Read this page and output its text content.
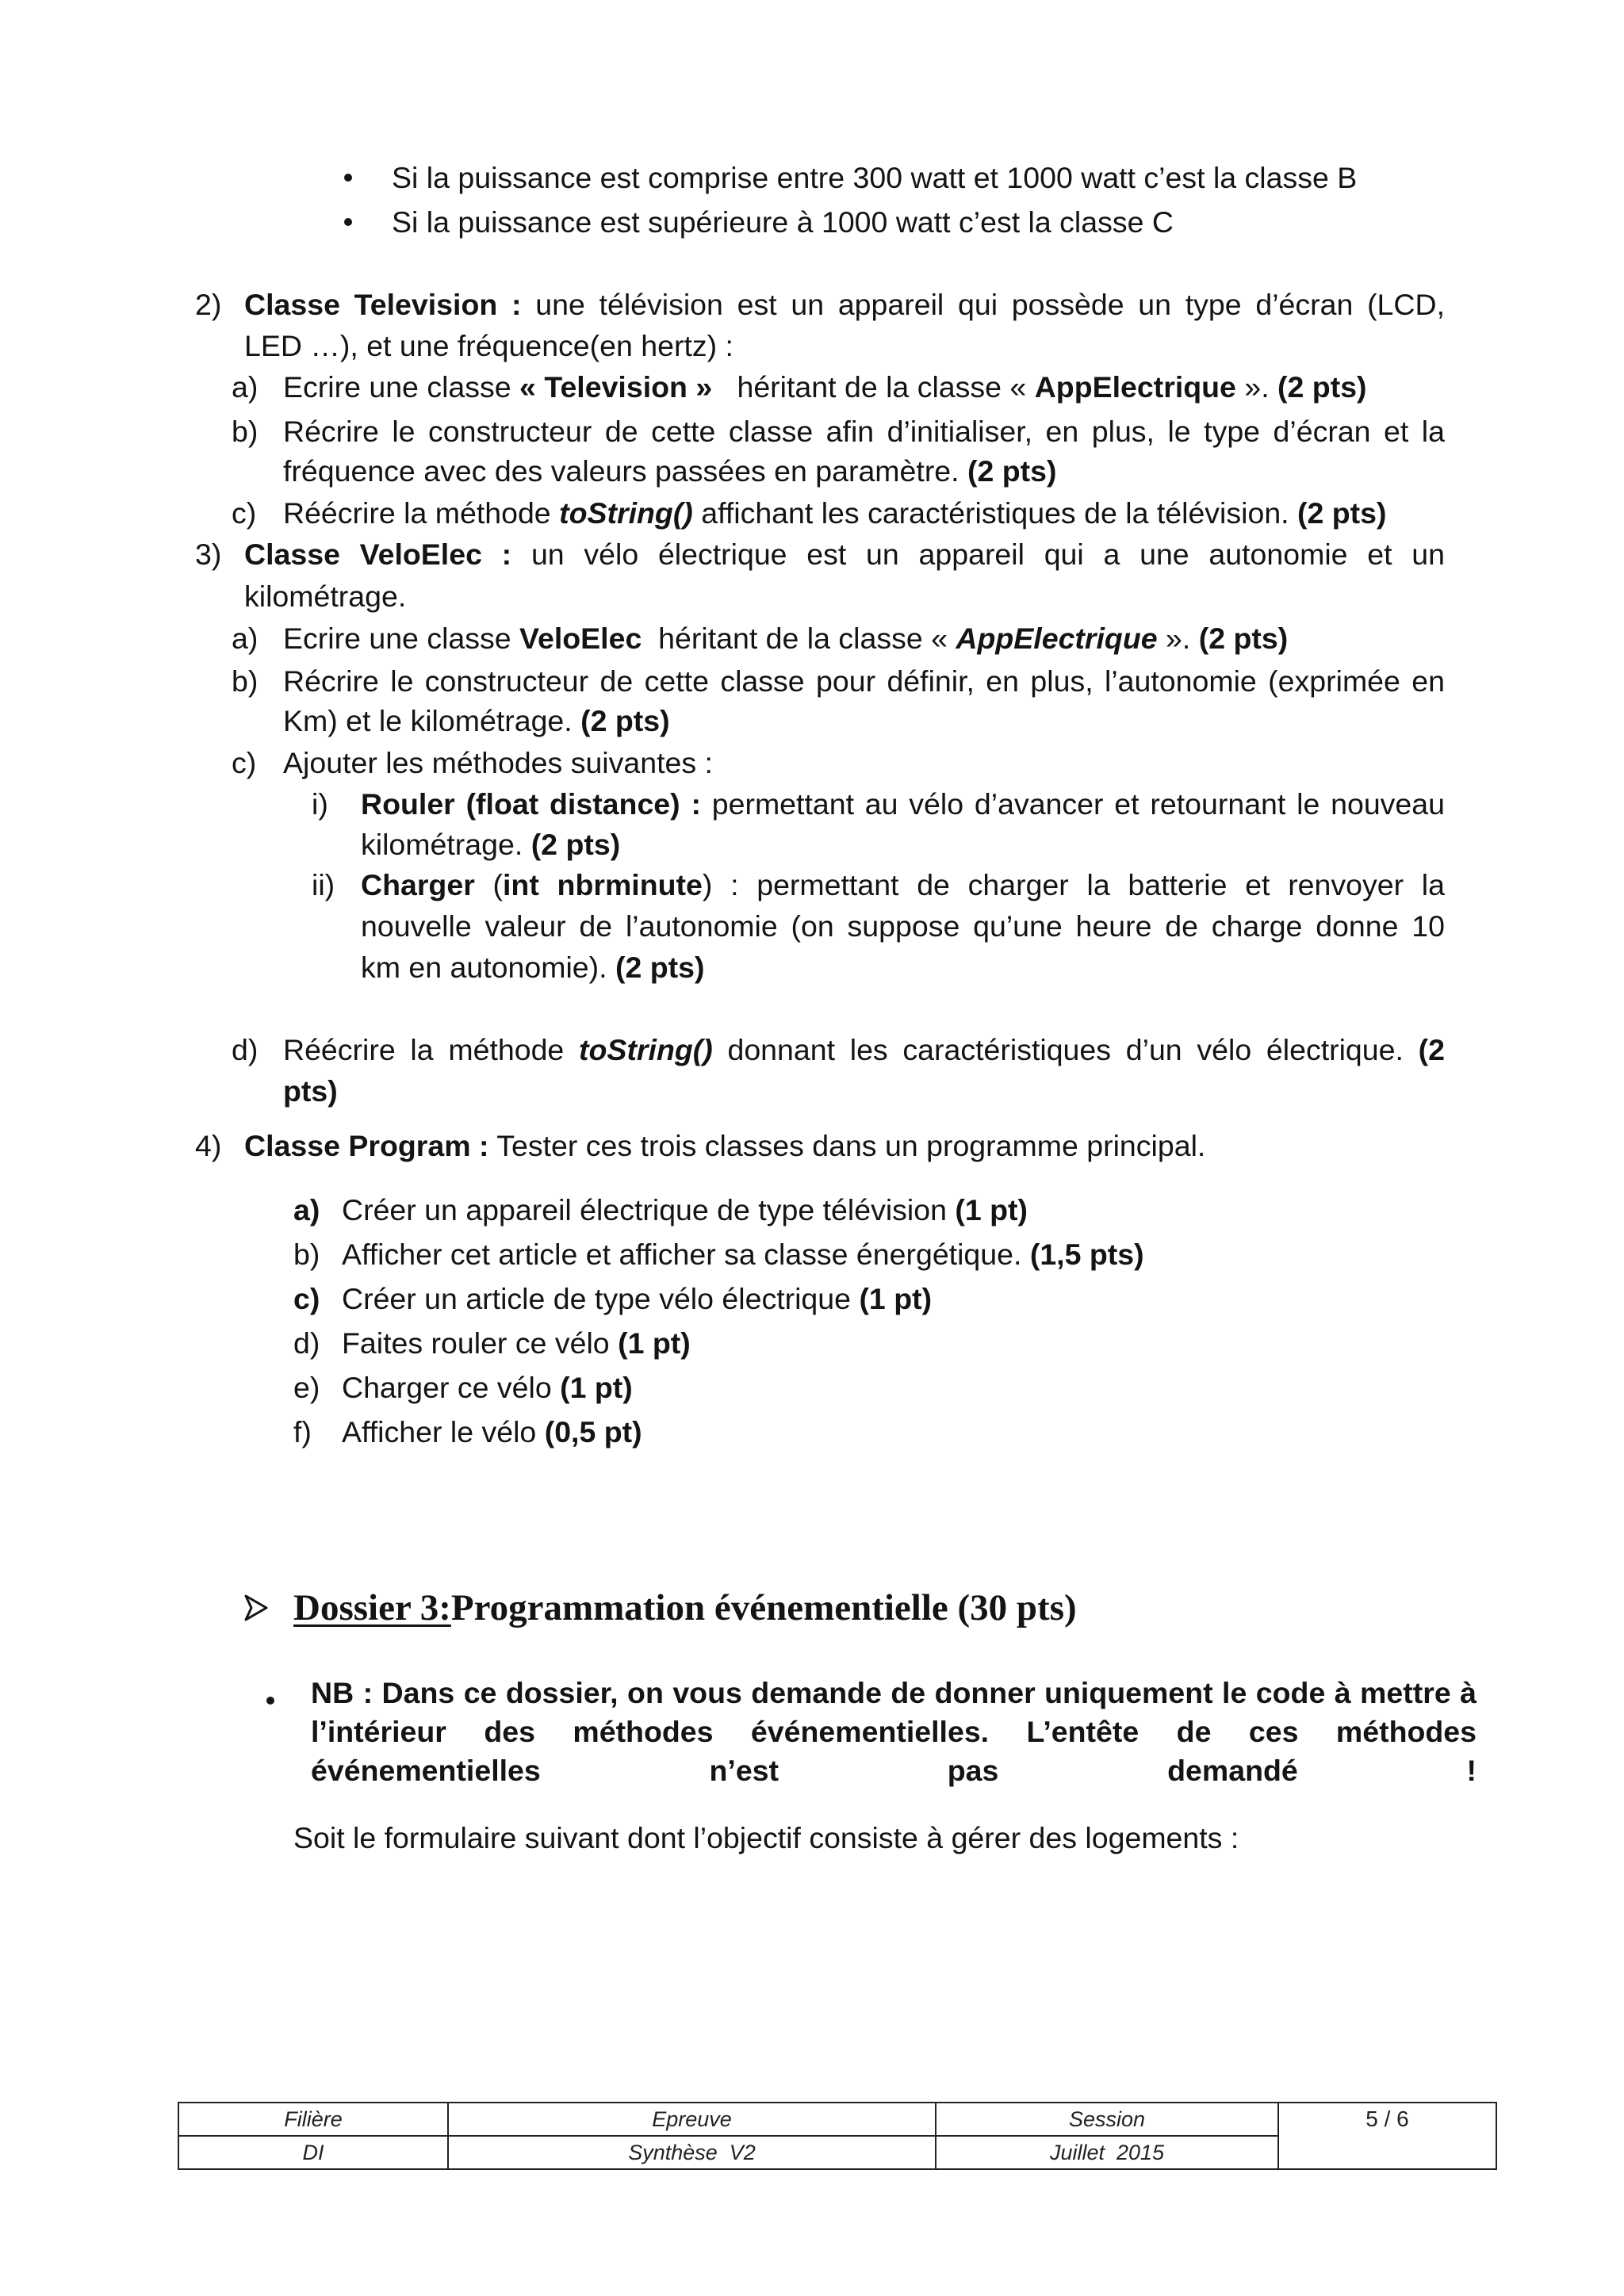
Si la puissance est comprise entre 300 watt et 1000 watt c’est la classe B
Si la puissance est supérieure à 1000 watt c’est la classe C
2) Classe Television : une télévision est un appareil qui possède un type d’écran (LCD,
LED …), et une fréquence(en hertz) :
a) Ecrire une classe « Television »   héritant de la classe « AppElectrique ». (2 pts)
b) Récrire le constructeur de cette classe afin d’initialiser, en plus, le type d’écran et la
fréquence avec des valeurs passées en paramètre. (2 pts)
c) Réécrire la méthode toString() affichant les caractéristiques de la télévision. (2 pts)
3) Classe VeloElec : un vélo électrique est un appareil qui a une autonomie et un
kilométrage.
a) Ecrire une classe VeloElec  héritant de la classe « AppElectrique ». (2 pts)
b) Récrire le constructeur de cette classe pour définir, en plus, l’autonomie (exprimée en
Km) et le kilométrage. (2 pts)
c) Ajouter les méthodes suivantes :
i) Rouler (float distance) : permettant au vélo d’avancer et retournant le nouveau
kilométrage. (2 pts)
ii) Charger (int nbrminute) : permettant de charger la batterie et renvoyer la
nouvelle valeur de l’autonomie (on suppose qu’une heure de charge donne 10
km en autonomie). (2 pts)
d) Réécrire la méthode toString() donnant les caractéristiques d’un vélo électrique. (2
pts)
4) Classe Program : Tester ces trois classes dans un programme principal.
a) Créer un appareil électrique de type télévision (1 pt)
b) Afficher cet article et afficher sa classe énergétique. (1,5 pts)
c) Créer un article de type vélo électrique (1 pt)
d) Faites rouler ce vélo (1 pt)
e) Charger ce vélo (1 pt)
f) Afficher le vélo (0,5 pt)
Dossier 3:Programmation événementielle (30 pts)
NB : Dans ce dossier, on vous demande de donner uniquement le code à mettre à l’intérieur des méthodes événementielles. L’entête de ces méthodes événementielles n’est pas demandé !
Soit le formulaire suivant dont l’objectif consiste à gérer des logements :
Filière	Epreuve	Session	5 / 6
DI	Synthèse  V2	Juillet  2015	
